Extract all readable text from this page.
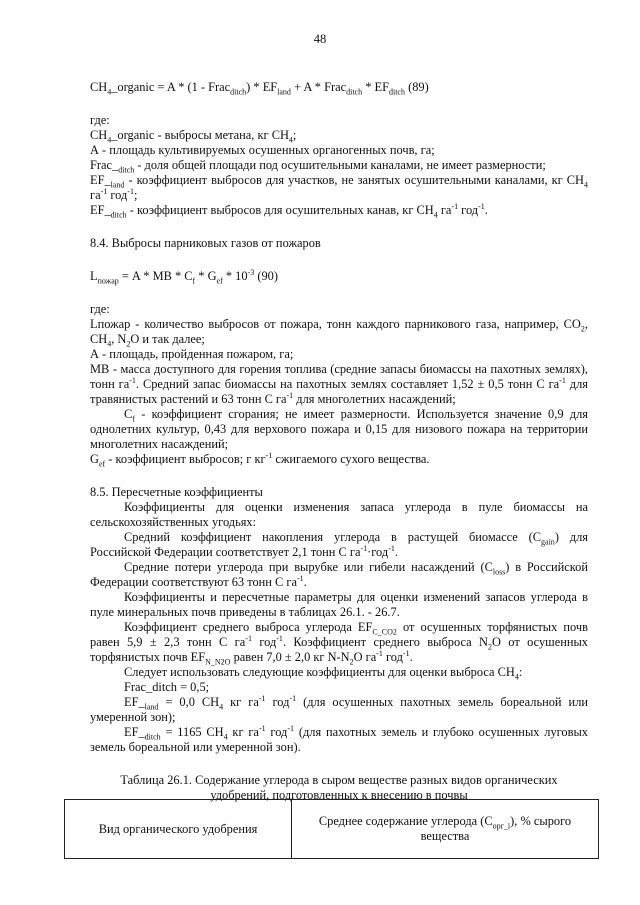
48

$CH_4\_organic = A * (1$ - Frac$_{ditch}$) * $EF_{land} + A$ * Frac$_{ditch}$ * $EF_{ditch}$ (89)

где:

$CH_4\_organic$ - выбросы метана, кг $CH_4$;

А - площадь культивируемых осушенных органогенных почв, га;

$Frac\__{ditch}$ - доля общей площади под осушительными каналами, не имеет размерности;

$EF\__{land}$ - коэффициент выбросов для участков, не занятых осушительными каналами, кг $CH_4$ $га^{-1}$ год$^{-1}$;

$EF\__{ditch}$ - коэффициент выбросов для осушительных канав, кг $CH_4$ $га^{-1}$ год$^{-1}$.

8.4. Выбросы парниковых газов от пожаров

$L_{пожар} = A$ * MB * $C_f * G_{ef} * 10^{-3}$ (90)

где:

Lпожар - количество выбросов от пожара, тонн каждого парникового газа, например, $CO_2$, $CH_4$, $N_2O$ и так далее;

А - площадь, пройденная пожаром, га;

МВ - масса доступного для горения топлива (средние запасы биомассы на пахотных землях), тонн $га^{-1}$. Средний запас биомассы на пахотных землях составляет 1,52 ± 0,5 тонн С $га^{-1}$ для травянистых растений и 63 тонн С $га^{-1}$ для многолетних насаждений;

$C_f$ - коэффициент сгорания; не имеет размерности. Используется значение 0,9 для однолетних культур, 0,43 для верхового пожара и 0,15 для низового пожара на территории многолетних насаждений;

$G_{ef}$ - коэффициент выбросов; г $кг^{-1}$ сжигаемого сухого вещества.

8.5. Пересчетные коэффициенты

Коэффициенты для оценки изменения запаса углерода в пуле биомассы на сельскохозяйственных угодьях:

Средний коэффициент накопления углерода в растущей биомассе $(C_{gain})$ для Российской Федерации соответствует 2,1 тонн С $га^{-1}\cdot год^{-1}$.

Средние потери углерода при вырубке или гибели насаждений $(C_{loss})$ в Российской Федерации соответствуют 63 тонн С $га^{-1}$.

Коэффициенты и пересчетные параметры для оценки изменений запасов углерода в пуле минеральных почв приведены в таблицах 26.1. - 26.7.

Коэффициент среднего выброса углерода $EF_{C\_CO2}$ от осушенных торфянистых почв равен 5,9 ± 2,3 тонн С $га^{-1}$ год$^{-1}$. Коэффициент среднего выброса $N_2O$ от осушенных торфянистых почв $EF_{N\_N2O}$ равен 7,0 ± 2,0 кг $N-N_2O$ $га^{-1}$ год$^{-1}$.

Следует использовать следующие коэффициенты для оценки выброса $CH_4$:

Frac_ditch = 0,5;

$EF\__{land} = 0,0$ $CH_4$ кг $га^{-1}$ год$^{-1}$ (для осушенных пахотных земель бореальной или умеренной зон);

$EF\__{ditch} = 1165$ $CH_4$ кг $га^{-1}$ год$^{-1}$ (для пахотных земель и глубоко осушенных луговых земель бореальной или умеренной зон).

Таблица 26.1. Содержание углерода в сыром веществе разных видов органических

удобрений, подготовленных к внесению в почвы

Вид органического удобрения	Среднее содержание углерода $(C_{орг\_i})$, % сырого вещества
